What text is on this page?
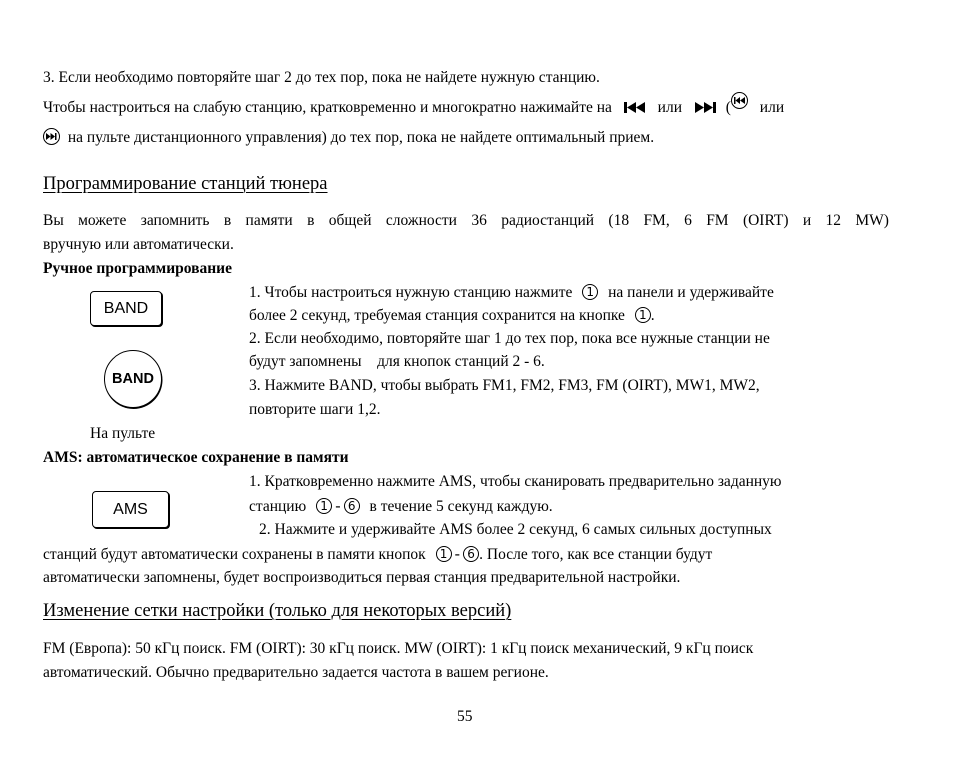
3. Если необходимо повторяйте шаг 2 до тех пор, пока не найдете нужную станцию.
Чтобы настроиться на слабую станцию, кратковременно и многократно нажимайте на	или	( или
на пульте дистанционного управления) до тех пор, пока не найдете оптимальный прием.
Программирование станций тюнера
Вы можете запомнить в памяти в общей сложности 36 радиостанций (18 FM, 6 FM (OIRT) и 12 MW)
вручную или автоматически.
Ручное программирование
BAND
BAND
На пульте
1. Чтобы настроиться нужную станцию нажмите 1 на панели и удерживайте
более 2 секунд, требуемая станция сохранится на кнопке 1 .
2. Если необходимо, повторяйте шаг 1 до тех пор, пока все нужные станции не
будут запомнены    для кнопок станций 2 - 6.
3. Нажмите BAND, чтобы выбрать FM1, FM2, FM3, FM (OIRT), MW1, MW2,
повторите шаги 1,2.
AMS: автоматическое сохранение в памяти
AMS
1. Кратковременно нажмите AMS, чтобы сканировать предварительно заданную
станцию 1 - 6 в течение 5 секунд каждую.
2. Нажмите и удерживайте AMS более 2 секунд, 6 самых сильных доступных
станций будут автоматически сохранены в памяти кнопок 1 - 6 . После того, как все станции будут
автоматически запомнены, будет воспроизводиться первая станция предварительной настройки.
Изменение сетки настройки (только для некоторых версий)
FM (Европа): 50 кГц поиск. FM (OIRT): 30 кГц поиск. MW (OIRT): 1 кГц поиск механический, 9 кГц поиск
автоматический. Обычно предварительно задается частота в вашем регионе.
55
